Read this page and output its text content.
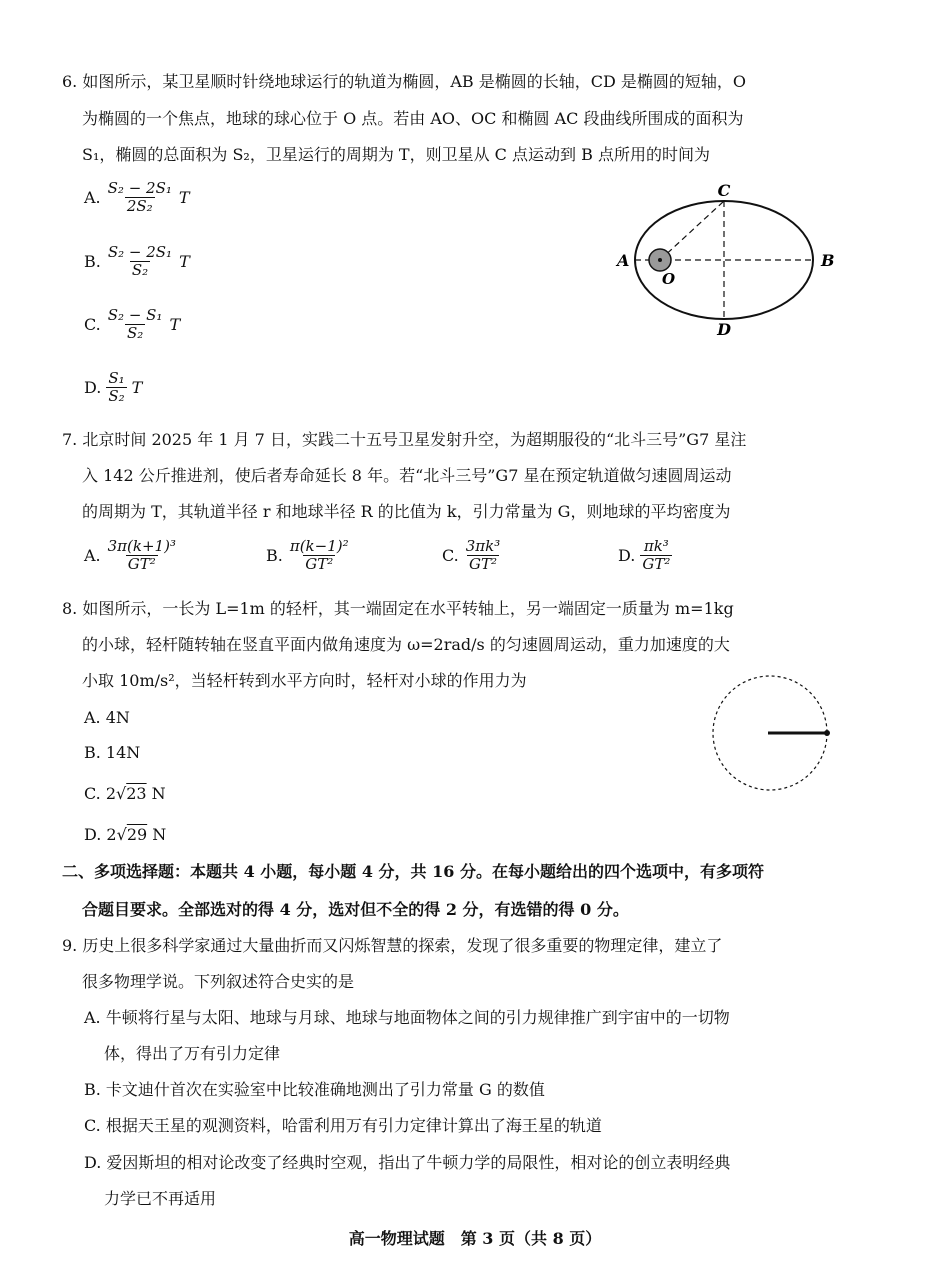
6. 如图所示，某卫星顺时针绕地球运行的轨道为椭圆，AB 是椭圆的长轴，CD 是椭圆的短轴，O
为椭圆的一个焦点，地球的球心位于 O 点。若由 AO、OC 和椭圆 AC 段曲线所围成的面积为
S₁，椭圆的总面积为 S₂，卫星运行的周期为 T，则卫星从 C 点运动到 B 点所用的时间为
A. $\frac{\text{S₂ − 2S₁}}{\text{2S₂}}$ T
B. $\frac{\text{S₂ − 2S₁}}{\text{S₂}}$ T
C. $\frac{\text{S₂ − S₁}}{\text{S₂}}$ T
D. $\frac{\text{S₁}}{\text{S₂}}$ T
C
D
A	B
O
7. 北京时间 2025 年 1 月 7 日，实践二十五号卫星发射升空，为超期服役的“北斗三号”G7 星注
入 142 公斤推进剂，使后者寿命延长 8 年。若“北斗三号”G7 星在预定轨道做匀速圆周运动
的周期为 T，其轨道半径 r 和地球半径 R 的比值为 k，引力常量为 G，则地球的平均密度为
A. $\frac{\text{3π(k+1)³}}{\text{GT²}}$	B. $\frac{\text{π(k−1)²}}{\text{GT²}}$	C. $\frac{\text{3πk³}}{\text{GT²}}$	D. $\frac{\text{πk³}}{\text{GT²}}$
8. 如图所示，一长为 L=1m 的轻杆，其一端固定在水平转轴上，另一端固定一质量为 m=1kg
的小球，轻杆随转轴在竖直平面内做角速度为 ω=2rad/s 的匀速圆周运动，重力加速度的大
小取 10m/s²，当轻杆转到水平方向时，轻杆对小球的作用力为
A. 4N
B. 14N
C. 2√23 N
D. 2√29 N
二、多项选择题：本题共 4 小题，每小题 4 分，共 16 分。在每小题给出的四个选项中，有多项符
合题目要求。全部选对的得 4 分，选对但不全的得 2 分，有选错的得 0 分。
9. 历史上很多科学家通过大量曲折而又闪烁智慧的探索，发现了很多重要的物理定律，建立了
很多物理学说。下列叙述符合史实的是
A. 牛顿将行星与太阳、地球与月球、地球与地面物体之间的引力规律推广到宇宙中的一切物
体，得出了万有引力定律
B. 卡文迪什首次在实验室中比较准确地测出了引力常量 G 的数值
C. 根据天王星的观测资料，哈雷利用万有引力定律计算出了海王星的轨道
D. 爱因斯坦的相对论改变了经典时空观，指出了牛顿力学的局限性，相对论的创立表明经典
力学已不再适用
高一物理试题　第 3 页（共 8 页）
